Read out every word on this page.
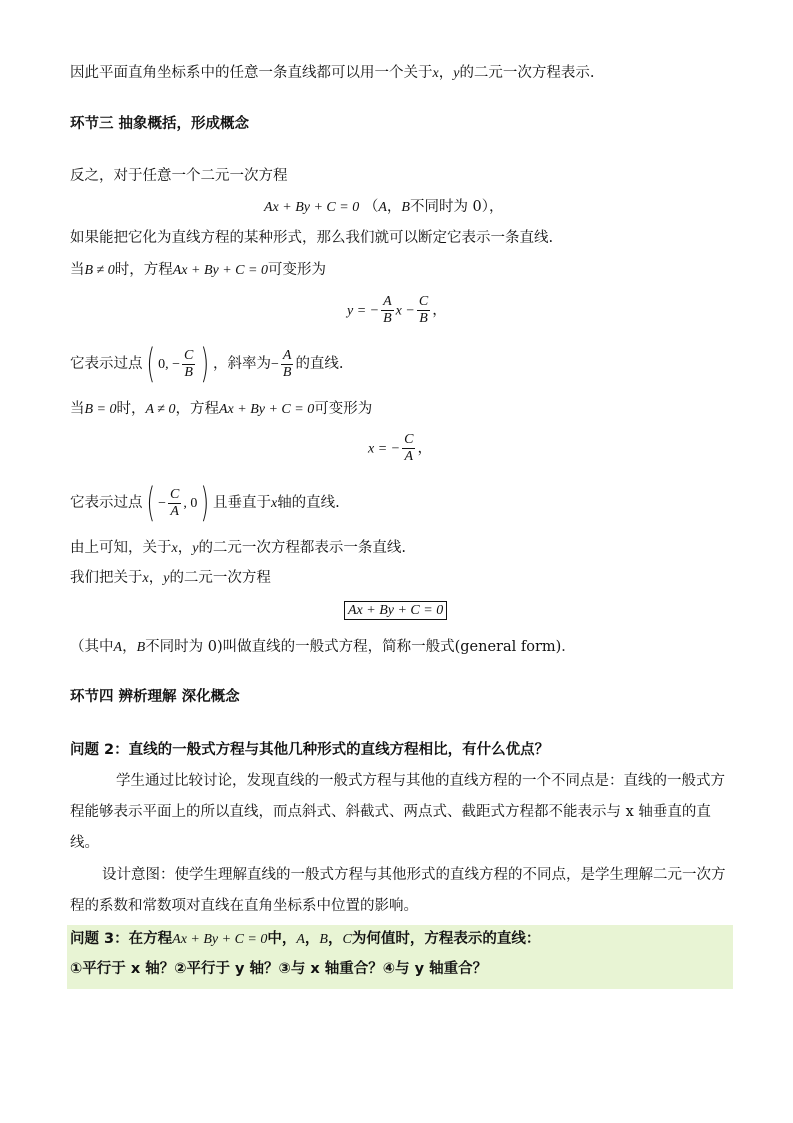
因此平面直角坐标系中的任意一条直线都可以用一个关于x，y的二元一次方程表示.
环节三 抽象概括，形成概念
反之，对于任意一个二元一次方程
Ax + By + C = 0 （A，B不同时为 0），
如果能把它化为直线方程的某种形式，那么我们就可以断定它表示一条直线.
当B ≠ 0时，方程Ax + By + C = 0可变形为
y = − $\frac{A}{B}$ $x - \frac{C}{B}$ ，
它表示过点( 0, − $\frac{C}{B}$ ) ，斜率为− $\frac{A}{B}$ 的直线.
当B = 0时，A ≠ 0，方程Ax + By + C = 0可变形为
x = − $\frac{C}{A}$ ，
它表示过点( − $\frac{C}{A}$ , 0) 且垂直于x轴的直线.
由上可知，关于x，y的二元一次方程都表示一条直线.
我们把关于x，y的二元一次方程
Ax + By + C = 0
（其中A，B不同时为 0)叫做直线的一般式方程，简称一般式(general form)．
环节四 辨析理解 深化概念
问题 2：直线的一般式方程与其他几种形式的直线方程相比，有什么优点？
学生通过比较讨论，发现直线的一般式方程与其他的直线方程的一个不同点是：直线的一般式方程能够表示平面上的所以直线，而点斜式、斜截式、两点式、截距式方程都不能表示与 x 轴垂直的直线。
设计意图：使学生理解直线的一般式方程与其他形式的直线方程的不同点，是学生理解二元一次方程的系数和常数项对直线在直角坐标系中位置的影响。
问题 3：在方程Ax + By + C = 0中，A，B，C为何值时，方程表示的直线：
①平行于 x 轴？②平行于 y 轴？③与 x 轴重合？④与 y 轴重合？
